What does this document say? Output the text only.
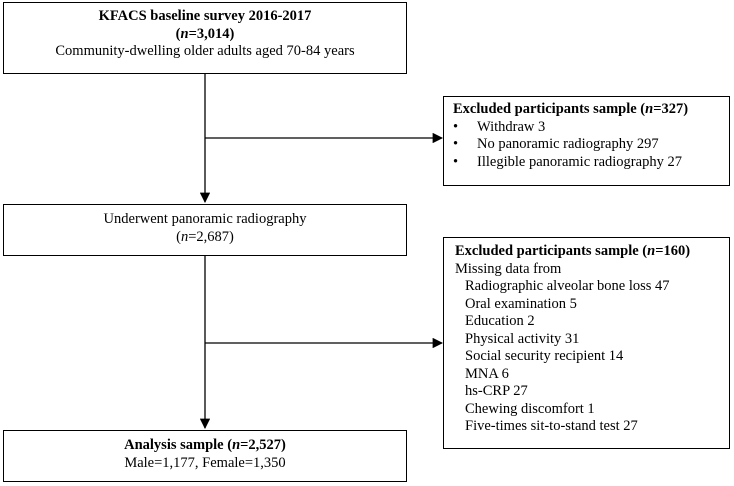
KFACS baseline survey 2016-2017
(n=3,014)
Community-dwelling older adults aged 70-84 years
Excluded participants sample (n=327)
• Withdraw 3
• No panoramic radiography 297
• Illegible panoramic radiography 27
Underwent panoramic radiography
(n=2,687)
Excluded participants sample (n=160)
Missing data from
Radiographic alveolar bone loss 47
Oral examination 5
Education 2
Physical activity 31
Social security recipient 14
MNA 6
hs-CRP 27
Chewing discomfort 1
Five-times sit-to-stand test 27
Analysis sample (n=2,527)
Male=1,177, Female=1,350
